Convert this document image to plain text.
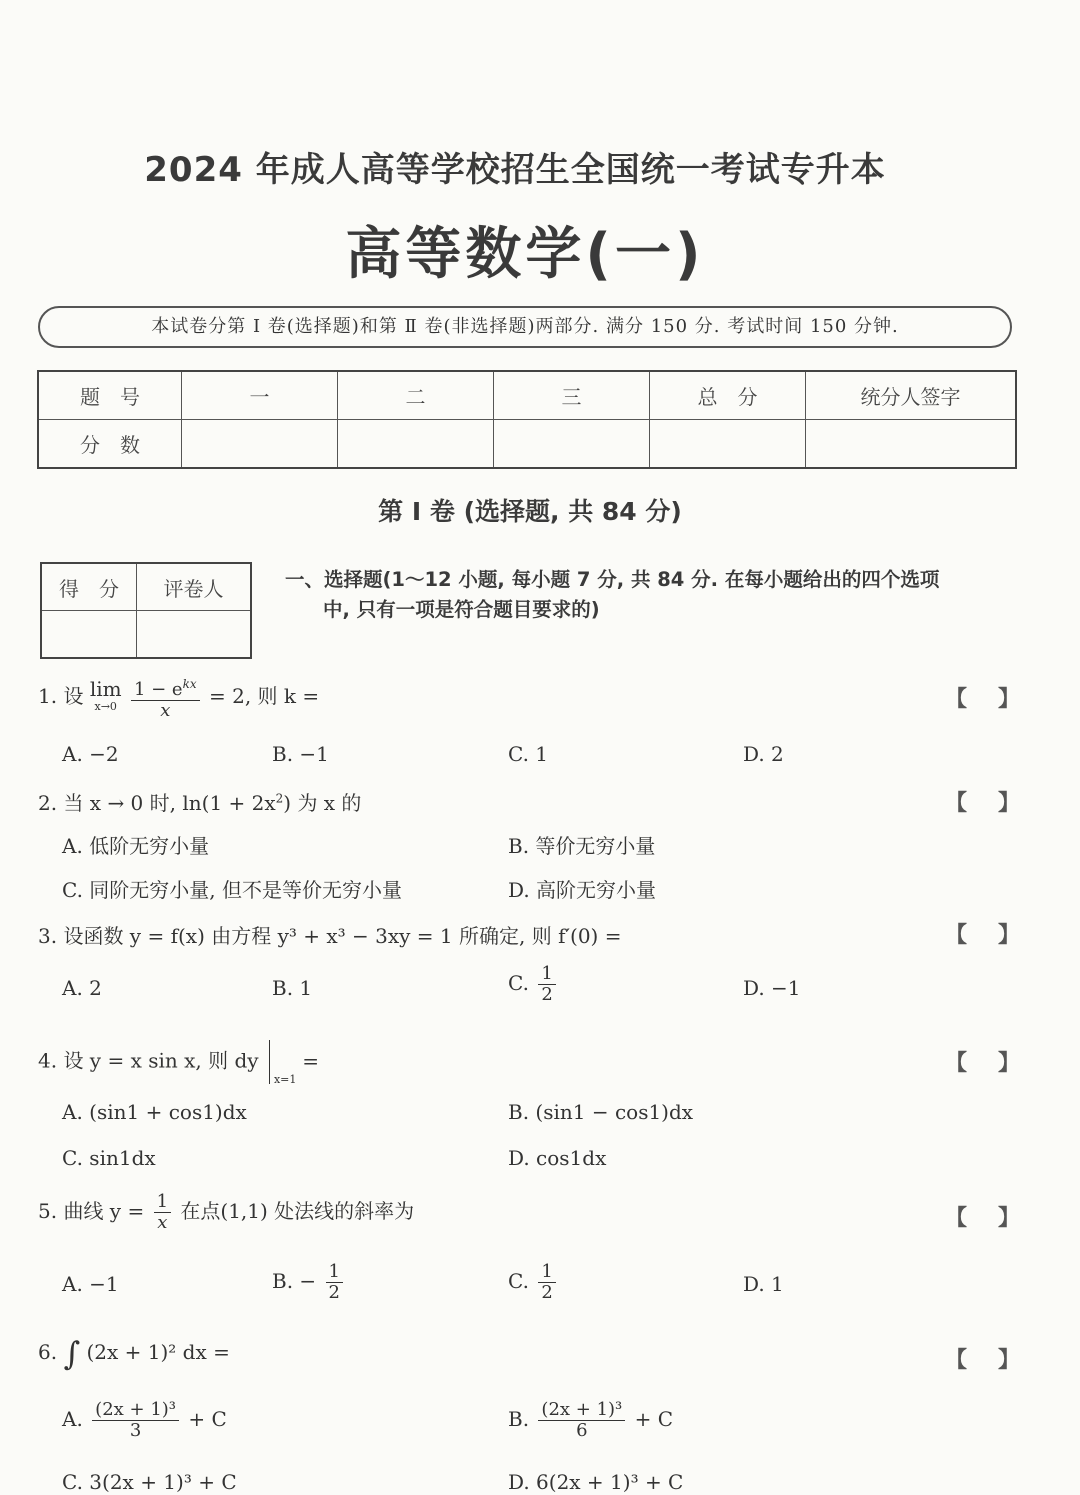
2024 年成人高等学校招生全国统一考试专升本
高等数学(一)
本试卷分第 Ⅰ 卷(选择题)和第 Ⅱ 卷(非选择题)两部分. 满分 150 分. 考试时间 150 分钟.
题　号	一	二	三	总　分	统分人签字
分　数					
第 Ⅰ 卷 (选择题, 共 84 分)
得　分	评卷人
		一、选择题(1～12 小题, 每小题 7 分, 共 84 分. 在每小题给出的四个选项
中, 只有一项是符合题目要求的)
1. 设 lim
x→0
$\frac{1 - e^{kx}}{x} = 2$, 则 k =	【 】
A. −2	B. −1	C. 1	D. 2
2. 当 x → 0 时, $\ln(1 + 2x^2)$ 为 x 的	【 】
A. 低阶无穷小量	B. 等价无穷小量
C. 同阶无穷小量, 但不是等价无穷小量	D. 高阶无穷小量
3. 设函数 y = f(x) 由方程 y³ + x³ − 3xy = 1 所确定, 则 f′(0) =	【 】
A. 2	B. 1	C. $\frac{1}{2}$	D. −1
4. 设 y = x sin x, 则 dy
x=1
=	【 】
A. (sin1 + cos1)dx	B. (sin1 − cos1)dx
C. sin1dx	D. cos1dx
5. 曲线 $y = \frac{1}{x}$ 在点(1,1) 处法线的斜率为	【 】
A. −1	B. − $\frac{1}{2}$	C. $\frac{1}{2}$	D. 1
6. ∫ (2x + 1)² dx =	【 】
A. $\frac{\text{(2x + 1)³}}{3} + C$	B. $\frac{\text{(2x + 1)³}}{6} + C$
C. 3(2x + 1)³ + C	D. 6(2x + 1)³ + C
